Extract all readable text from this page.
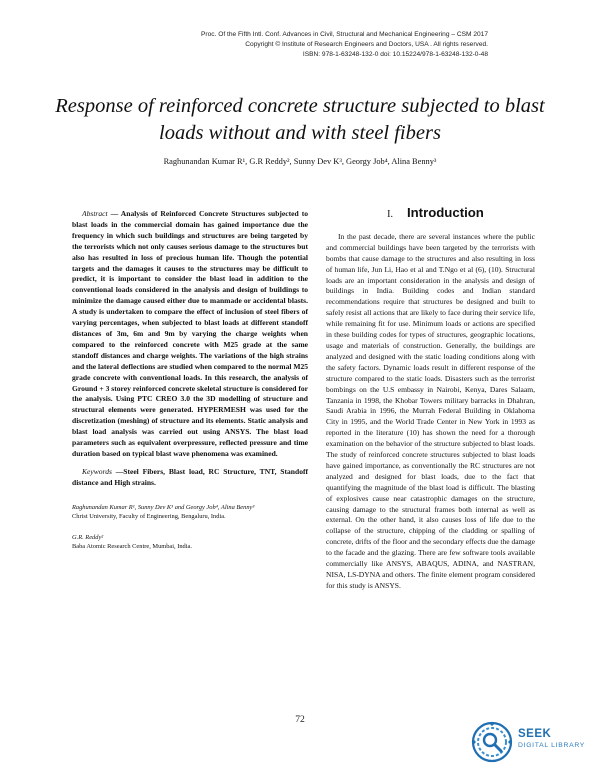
Proc. Of the Fifth Intl. Conf. Advances in Civil, Structural and Mechanical Engineering – CSM 2017
Copyright © Institute of Research Engineers and Doctors, USA . All rights reserved.
ISBN: 978-1-63248-132-0 doi: 10.15224/978-1-63248-132-0-48
Response of reinforced concrete structure subjected to blast loads without and with steel fibers
Raghunandan Kumar R¹, G.R Reddy², Sunny Dev K³, Georgy Job⁴, Alina Benny³

Abstract — Analysis of Reinforced Concrete Structures subjected to blast loads in the commercial domain has gained importance due the frequency in which such buildings and structures are being targeted by the terrorists which not only causes serious damage to the structures but also has resulted in loss of precious human life. Though the potential targets and the damages it causes to the structures may be difficult to predict, it is important to consider the blast load in addition to the conventional loads considered in the analysis and design of buildings to minimize the damage caused either due to manmade or accidental blasts. A study is undertaken to compare the effect of inclusion of steel fibers of varying percentages, when subjected to blast loads at different standoff distances of 3m, 6m and 9m by varying the charge weights when compared to the reinforced concrete with M25 grade at the same standoff distances and charge weights. The variations of the high strains and the lateral deflections are studied when compared to the normal M25 grade concrete with conventional loads. In this research, the analysis of Ground + 3 storey reinforced concrete skeletal structure is considered for the analysis. Using PTC CREO 3.0 the 3D modelling of structure and structural elements were generated. HYPERMESH was used for the discretization (meshing) of structure and its elements. Static analysis and blast load analysis was carried out using ANSYS. The blast load parameters such as equivalent overpressure, reflected pressure and time duration based on typical blast wave phenomena was examined.

Keywords —Steel Fibers, Blast load, RC Structure, TNT, Standoff distance and High strains.

Raghunandan Kumar R¹, Sunny Dev K³ and Georgy Job⁴, Alina Benny³
Christ University, Faculty of Engineering, Bengaluru, India.
G.R. Reddy²
Baba Atomic Research Centre, Mumbai, India.
I. Introduction

In the past decade, there are several instances where the public and commercial buildings have been targeted by the terrorists with bombs that cause damage to the structures and also resulting in loss of human life, Jun Li, Hao et al and T.Ngo et al (6), (10). Structural loads are an important consideration in the analysis and design of buildings in India. Building codes and Indian standard recommendations require that structures be designed and built to safely resist all actions that are likely to face during their service life, while remaining fit for use. Minimum loads or actions are specified in these building codes for types of structures, geographic locations, usage and materials of construction. Generally, the buildings are analyzed and designed with the static loading conditions along with the safety factors. Dynamic loads result in different response of the structure compared to the static loads. Disasters such as the terrorist bombings on the U.S embassy in Nairobi, Kenya, Dares Salaam, Tanzania in 1998, the Khobar Towers military barracks in Dhahran, Saudi Arabia in 1996, the Murrah Federal Building in Oklahoma City in 1995, and the World Trade Center in New York in 1993 as reported in the literature (10) has shown the need for a thorough examination on the behavior of the structure subjected to blast loads. The study of reinforced concrete structures subjected to blast loads have gained importance, as conventionally the RC structures are not analyzed and designed for blast loads, due to the fact that quantifying the magnitude of the blast load is difficult. The blasting of explosives cause near catastrophic damages on the structure, causing damage to the structural frames both internal as well as external. On the other hand, it also causes loss of life due to the collapse of the structure, chipping of the cladding or spalling of concrete, drifts of the floor and the secondary effects due the damage to the facade and the glazing. There are few software tools available commercially like ANSYS, ABAQUS, ADINA, and NASTRAN, NISA, LS-DYNA and others. The finite element program considered for this study is ANSYS.

72
SEEK
DIGITAL LIBRARY
